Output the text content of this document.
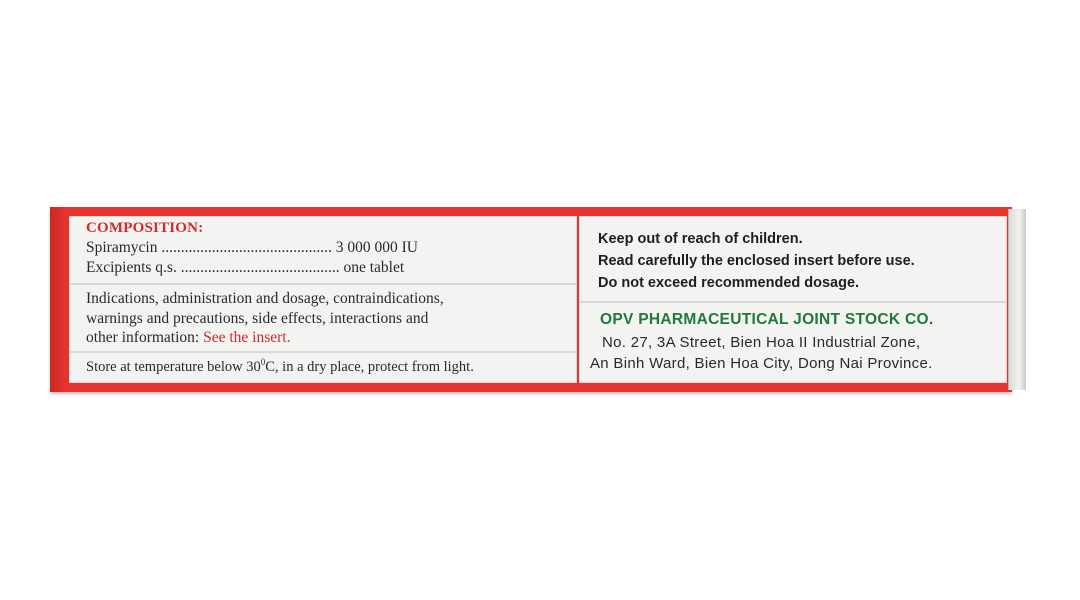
COMPOSITION:
Spiramycin ............................................ 3 000 000 IU
Excipients q.s. ......................................... one tablet
Indications, administration and dosage, contraindications,
warnings and precautions, side effects, interactions and
other information: See the insert.
Store at temperature below $30^0C$, in a dry place, protect from light.
Keep out of reach of children.
Read carefully the enclosed insert before use.
Do not exceed recommended dosage.
OPV PHARMACEUTICAL JOINT STOCK CO.
No. 27, 3A Street, Bien Hoa II Industrial Zone,
An Binh Ward, Bien Hoa City, Dong Nai Province.
